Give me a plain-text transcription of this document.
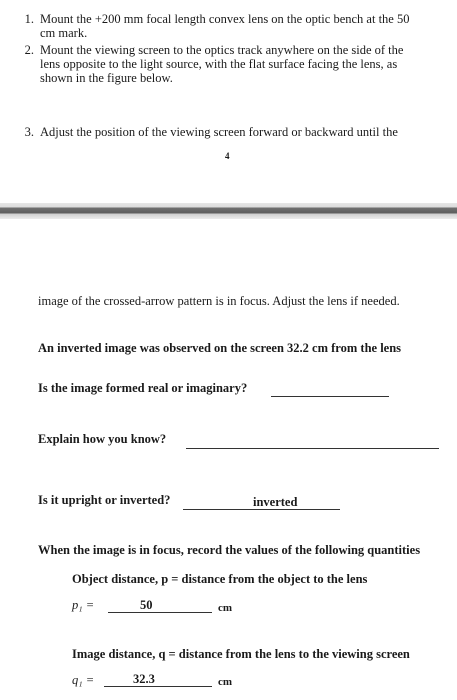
1. Mount the +200 mm focal length convex lens on the optic bench at the 50
cm mark.
2. Mount the viewing screen to the optics track anywhere on the side of the
lens opposite to the light source, with the flat surface facing the lens, as
shown in the figure below.
3. Adjust the position of the viewing screen forward or backward until the
4
image of the crossed-arrow pattern is in focus. Adjust the lens if needed.
An inverted image was observed on the screen 32.2 cm from the lens
Is the image formed real or imaginary?
Explain how you know?
Is it upright or inverted?	inverted
When the image is in focus, record the values of the following quantities
Object distance, p = distance from the object to the lens
p₁ =	50	cm
Image distance, q = distance from the lens to the viewing screen
q₁ =	32.3	cm
